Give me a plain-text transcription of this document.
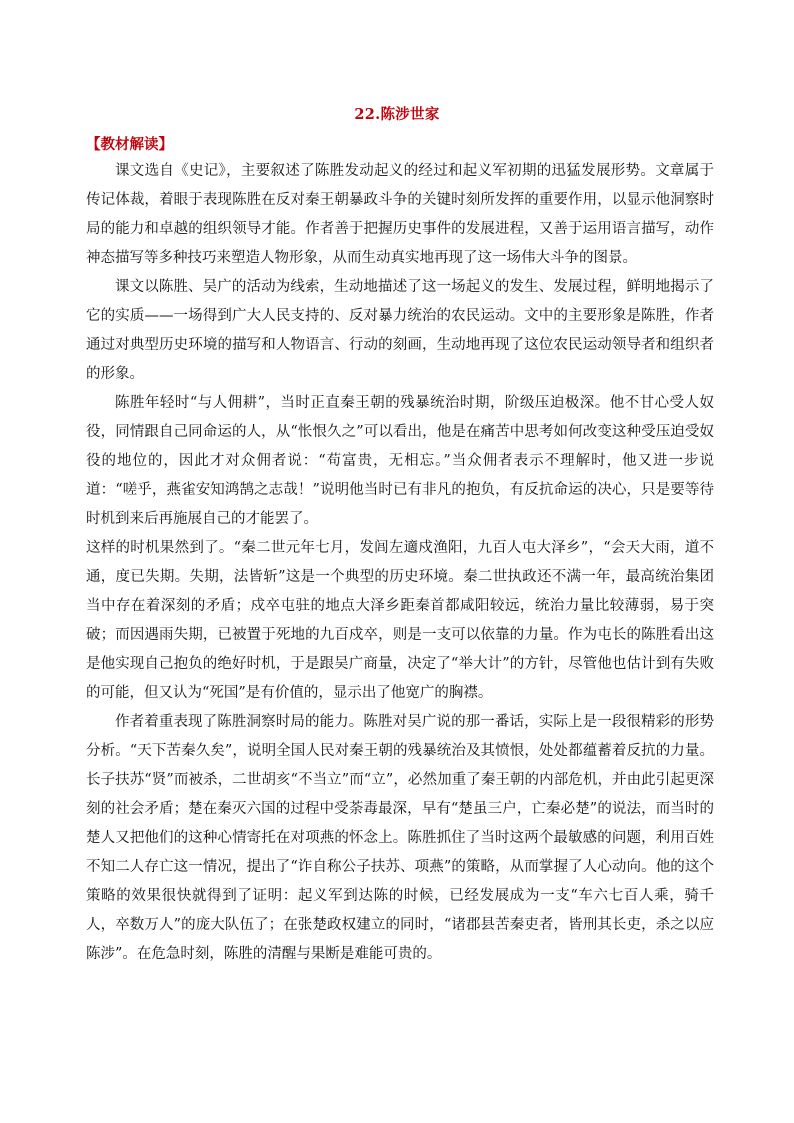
22.陈涉世家
【教材解读】

课文选自《史记》，主要叙述了陈胜发动起义的经过和起义军初期的迅猛发展形势。文章属于传记体裁，着眼于表现陈胜在反对秦王朝暴政斗争的关键时刻所发挥的重要作用，以显示他洞察时局的能力和卓越的组织领导才能。作者善于把握历史事件的发展进程，又善于运用语言描写，动作神态描写等多种技巧来塑造人物形象，从而生动真实地再现了这一场伟大斗争的图景。

课文以陈胜、吴广的活动为线索，生动地描述了这一场起义的发生、发展过程，鲜明地揭示了它的实质——一场得到广大人民支持的、反对暴力统治的农民运动。文中的主要形象是陈胜，作者通过对典型历史环境的描写和人物语言、行动的刻画，生动地再现了这位农民运动领导者和组织者的形象。

陈胜年轻时“与人佣耕”，当时正直秦王朝的残暴统治时期，阶级压迫极深。他不甘心受人奴役，同情跟自己同命运的人，从“怅恨久之”可以看出，他是在痛苦中思考如何改变这种受压迫受奴役的地位的，因此才对众佣者说：“苟富贵，无相忘。”当众佣者表示不理解时，他又进一步说道：“嗟乎，燕雀安知鸿鹄之志哉！”说明他当时已有非凡的抱负，有反抗命运的决心，只是要等待时机到来后再施展自己的才能罢了。

这样的时机果然到了。“秦二世元年七月，发闾左適戍渔阳，九百人屯大泽乡”，“会天大雨，道不通，度已失期。失期，法皆斩”这是一个典型的历史环境。秦二世执政还不满一年，最高统治集团当中存在着深刻的矛盾；戍卒屯驻的地点大泽乡距秦首都咸阳较远，统治力量比较薄弱，易于突破；而因遇雨失期，已被置于死地的九百戍卒，则是一支可以依靠的力量。作为屯长的陈胜看出这是他实现自己抱负的绝好时机，于是跟吴广商量，决定了“举大计”的方针，尽管他也估计到有失败的可能，但又认为“死国”是有价值的，显示出了他宽广的胸襟。

作者着重表现了陈胜洞察时局的能力。陈胜对吴广说的那一番话，实际上是一段很精彩的形势分析。“天下苦秦久矣”，说明全国人民对秦王朝的残暴统治及其愤恨，处处都蕴蓄着反抗的力量。长子扶苏“贤”而被杀，二世胡亥“不当立”而“立”，必然加重了秦王朝的内部危机，并由此引起更深刻的社会矛盾；楚在秦灭六国的过程中受荼毒最深，早有“楚虽三户，亡秦必楚”的说法，而当时的楚人又把他们的这种心情寄托在对项燕的怀念上。陈胜抓住了当时这两个最敏感的问题，利用百姓不知二人存亡这一情况，提出了“诈自称公子扶苏、项燕”的策略，从而掌握了人心动向。他的这个策略的效果很快就得到了证明：起义军到达陈的时候，已经发展成为一支“车六七百人乘，骑千人，卒数万人”的庞大队伍了；在张楚政权建立的同时，“诸郡县苦秦吏者，皆刑其长吏，杀之以应陈涉”。在危急时刻，陈胜的清醒与果断是难能可贵的。
